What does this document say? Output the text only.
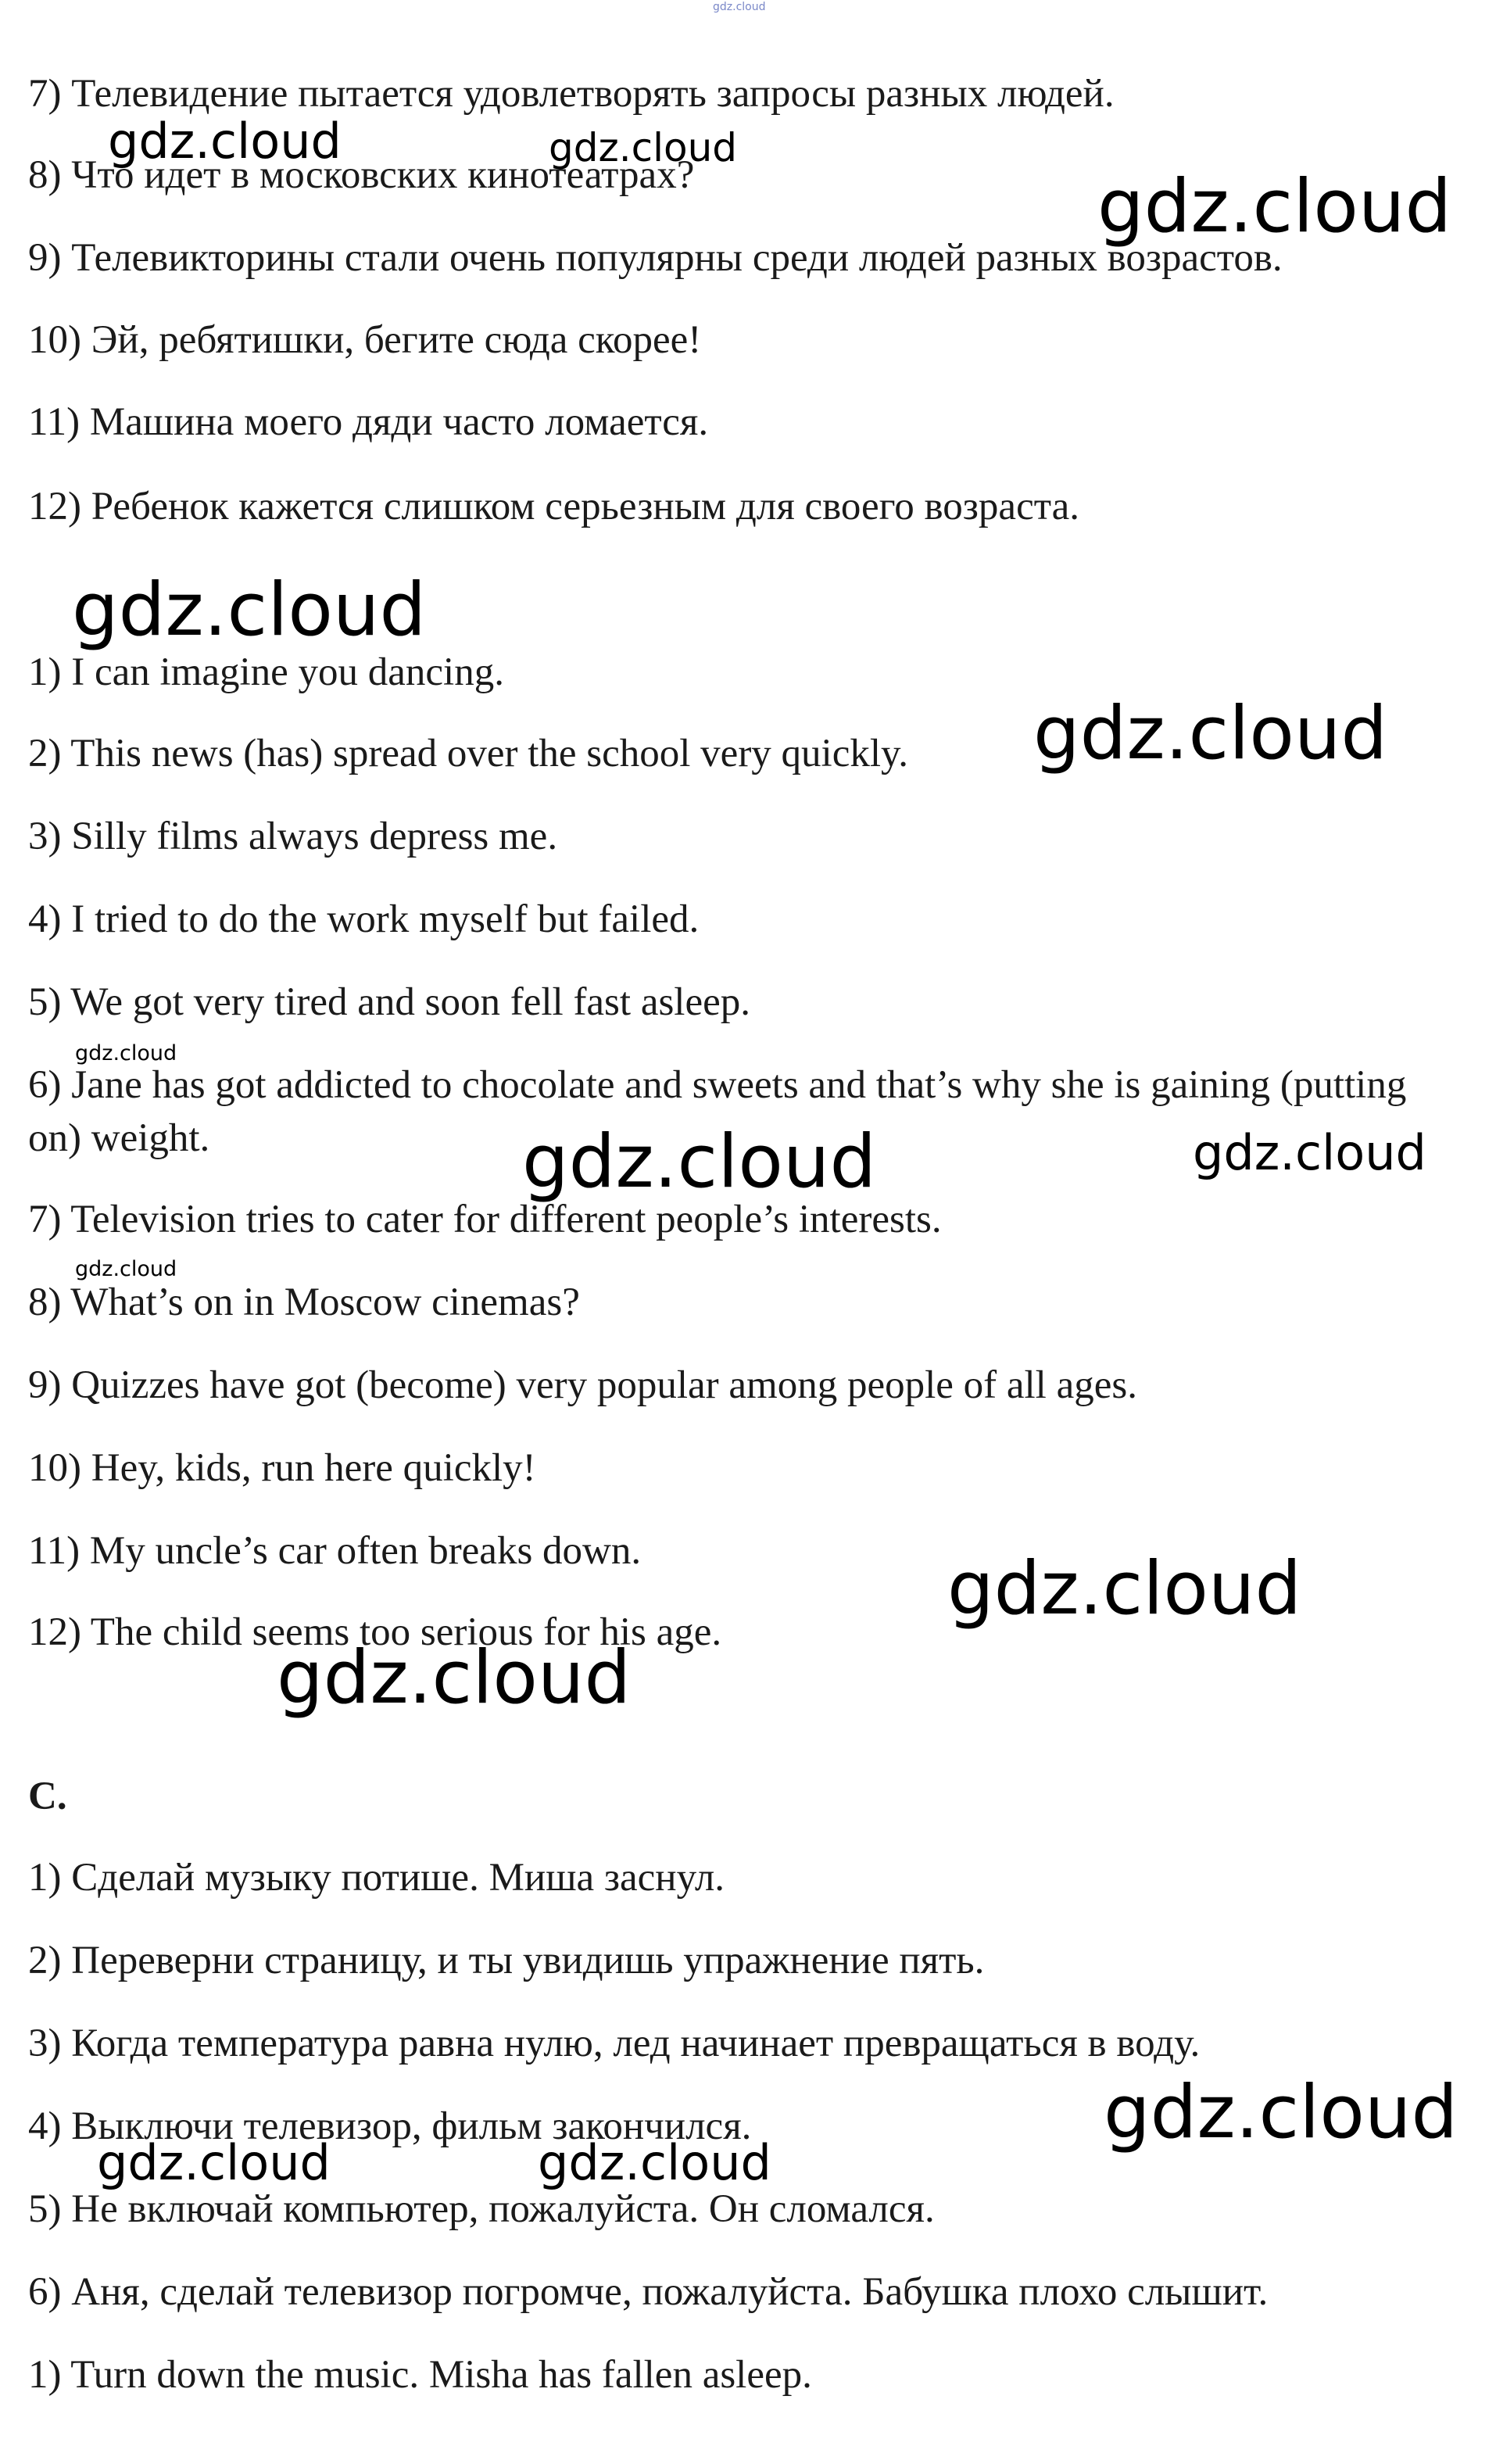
gdz.cloud
gdz.cloud	gdz.cloud
gdz.cloud
gdz.cloud
gdz.cloud
gdz.cloud
gdz.cloud	gdz.cloud
gdz.cloud
gdz.cloud
gdz.cloud
gdz.cloud
gdz.cloud	gdz.cloud
7) Телевидение пытается удовлетворять запросы разных людей.
8) Что идет в московских кинотеатрах?
9) Телевикторины стали очень популярны среди людей разных возрастов.
10) Эй, ребятишки, бегите сюда скорее!
11) Машина моего дяди часто ломается.
12) Ребенок кажется слишком серьезным для своего возраста.
1) I can imagine you dancing.
2) This news (has) spread over the school very quickly.
3) Silly films always depress me.
4) I tried to do the work myself but failed.
5) We got very tired and soon fell fast asleep.
6) Jane has got addicted to chocolate and sweets and that’s why she is gaining (putting on) weight.
7) Television tries to cater for different people’s interests.
8) What’s on in Moscow cinemas?
9) Quizzes have got (become) very popular among people of all ages.
10) Hey, kids, run here quickly!
11) My uncle’s car often breaks down.
12) The child seems too serious for his age.
C.
1) Сделай музыку потише. Миша заснул.
2) Переверни страницу, и ты увидишь упражнение пять.
3) Когда температура равна нулю, лед начинает превращаться в воду.
4) Выключи телевизор, фильм закончился.
5) Не включай компьютер, пожалуйста. Он сломался.
6) Аня, сделай телевизор погромче, пожалуйста. Бабушка плохо слышит.
1) Turn down the music. Misha has fallen asleep.
